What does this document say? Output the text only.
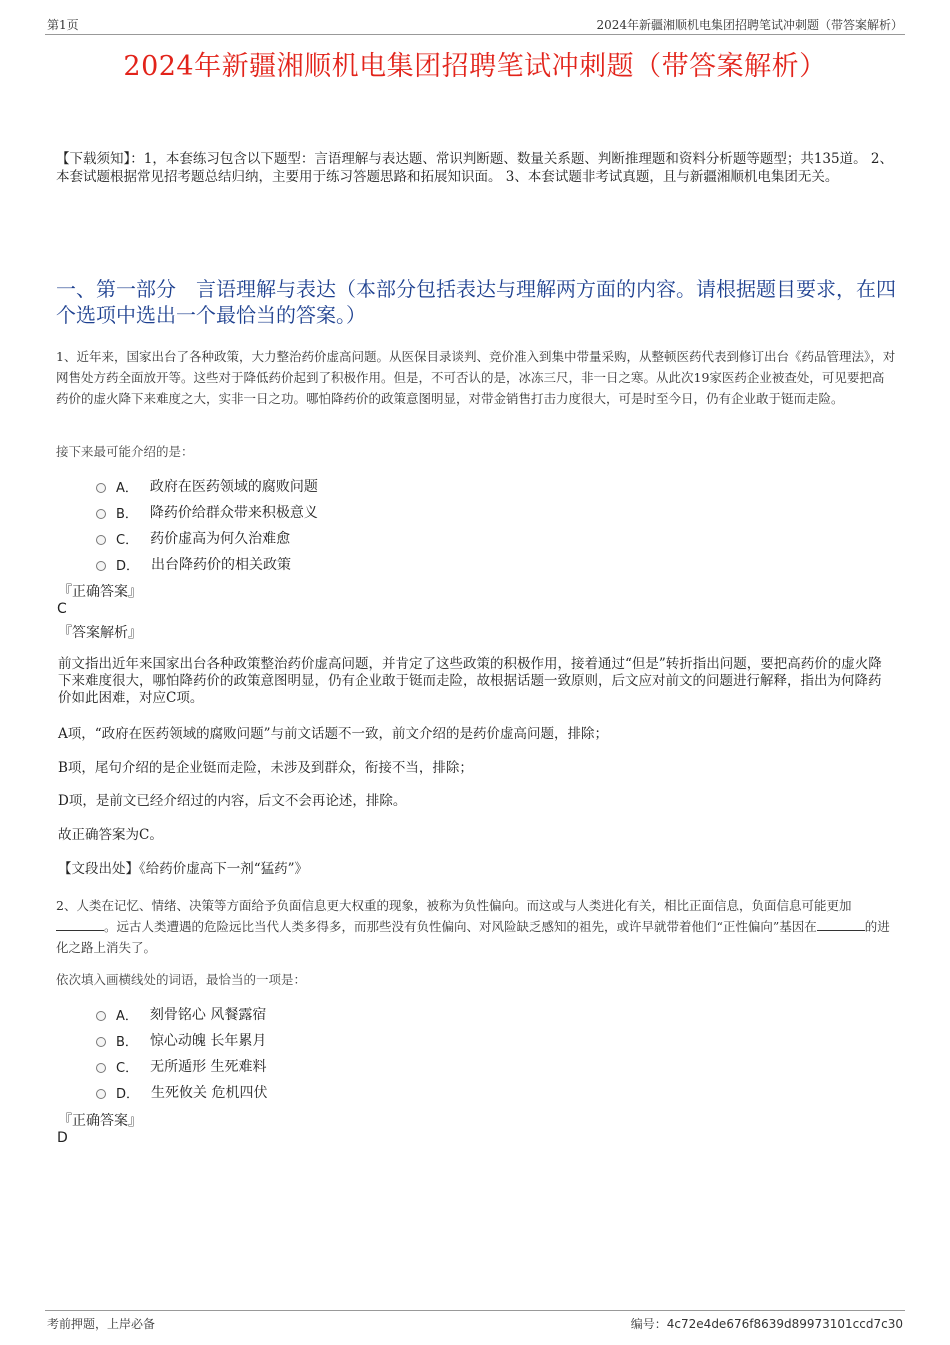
第1页	2024年新疆湘顺机电集团招聘笔试冲刺题（带答案解析）
2024年新疆湘顺机电集团招聘笔试冲刺题（带答案解析）
【下载须知】：1，本套练习包含以下题型：言语理解与表达题、常识判断题、数量关系题、判断推理题和资料分析题等题型；共135道。 2、本套试题根据常见招考题总结归纳，主要用于练习答题思路和拓展知识面。 3、本套试题非考试真题，且与新疆湘顺机电集团无关。
一、第一部分　言语理解与表达（本部分包括表达与理解两方面的内容。请根据题目要求，在四个选项中选出一个最恰当的答案。）
1、近年来，国家出台了各种政策，大力整治药价虚高问题。从医保目录谈判、竞价准入到集中带量采购，从整顿医药代表到修订出台《药品管理法》，对网售处方药全面放开等。这些对于降低药价起到了积极作用。但是，不可否认的是，冰冻三尺，非一日之寒。从此次19家医药企业被查处，可见要把高药价的虚火降下来难度之大，实非一日之功。哪怕降药价的政策意图明显，对带金销售打击力度很大，可是时至今日，仍有企业敢于铤而走险。
接下来最可能介绍的是：
A． 政府在医药领域的腐败问题
B． 降药价给群众带来积极意义
C． 药价虚高为何久治难愈
D． 出台降药价的相关政策
『正确答案』
C
『答案解析』
前文指出近年来国家出台各种政策整治药价虚高问题，并肯定了这些政策的积极作用，接着通过“但是”转折指出问题，要把高药价的虚火降下来难度很大，哪怕降药价的政策意图明显，仍有企业敢于铤而走险，故根据话题一致原则，后文应对前文的问题进行解释，指出为何降药价如此困难，对应C项。
A项，“政府在医药领域的腐败问题”与前文话题不一致，前文介绍的是药价虚高问题，排除；
B项，尾句介绍的是企业铤而走险，未涉及到群众，衔接不当，排除；
D项，是前文已经介绍过的内容，后文不会再论述，排除。
故正确答案为C。
【文段出处】《给药价虚高下一剂“猛药”》
2、人类在记忆、情绪、决策等方面给予负面信息更大权重的现象，被称为负性偏向。而这或与人类进化有关，相比正面信息，负面信息可能更加。远古人类遭遇的危险远比当代人类多得多，而那些没有负性偏向、对风险缺乏感知的祖先，或许早就带着他们“正性偏向”基因在	的进化之路上消失了。
依次填入画横线处的词语，最恰当的一项是：
A． 刻骨铭心 风餐露宿
B． 惊心动魄 长年累月
C． 无所遁形 生死难料
D． 生死攸关 危机四伏
『正确答案』
D
考前押题，上岸必备	编号：4c72e4de676f8639d89973101ccd7c30
